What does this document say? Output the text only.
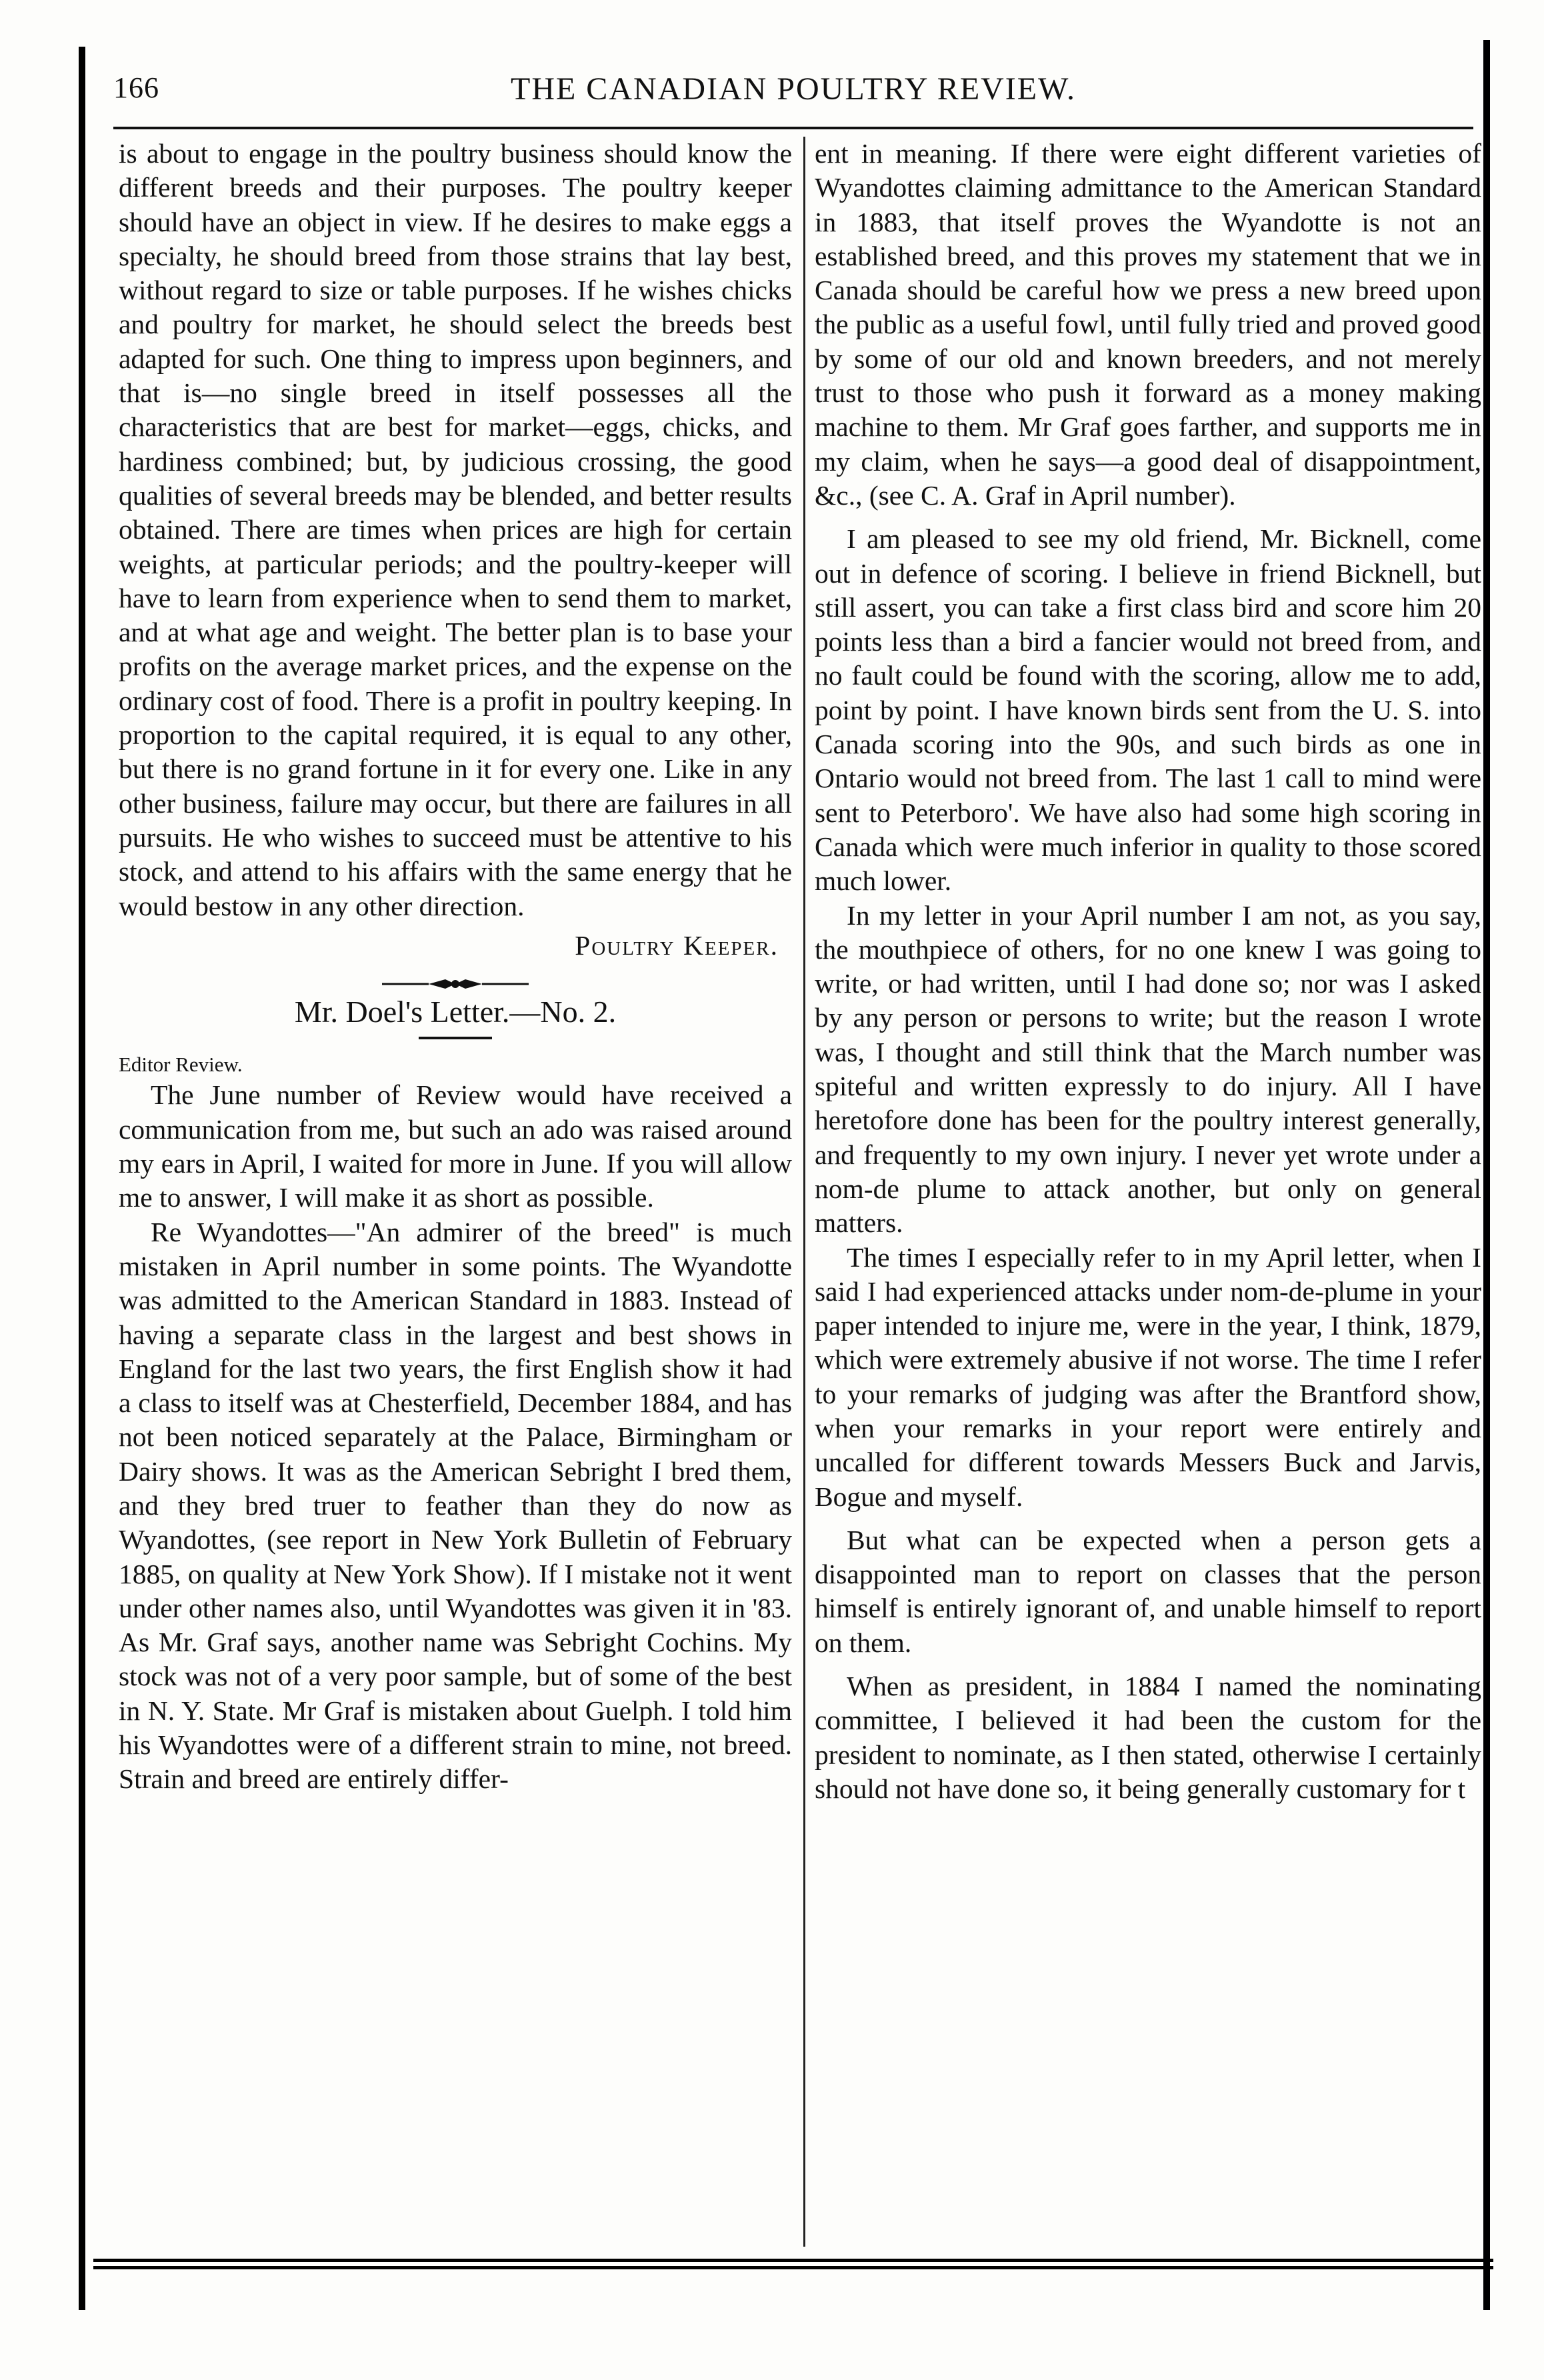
166	THE CANADIAN POULTRY REVIEW.

is about to engage in the poultry business should know the different breeds and their purposes. The poultry keeper should have an object in view. If he desires to make eggs a specialty, he should breed from those strains that lay best, without regard to size or table purposes. If he wishes chicks and poultry for market, he should select the breeds best adapted for such. One thing to impress upon beginners, and that is—no single breed in itself possesses all the characteristics that are best for market—eggs, chicks, and hardiness combined; but, by judicious crossing, the good qualities of several breeds may be blended, and better results obtained. There are times when prices are high for certain weights, at particular periods; and the poultry-keeper will have to learn from experience when to send them to market, and at what age and weight. The better plan is to base your profits on the average market prices, and the expense on the ordinary cost of food. There is a profit in poultry keeping. In proportion to the capital required, it is equal to any other, but there is no grand fortune in it for every one. Like in any other business, failure may occur, but there are failures in all pursuits. He who wishes to succeed must be attentive to his stock, and attend to his affairs with the same energy that he would bestow in any other direction.

Poultry Keeper.

Mr. Doel's Letter.—No. 2.

Editor Review.

The June number of Review would have received a communication from me, but such an ado was raised around my ears in April, I waited for more in June. If you will allow me to answer, I will make it as short as possible.

Re Wyandottes—"An admirer of the breed" is much mistaken in April number in some points. The Wyandotte was admitted to the American Standard in 1883. Instead of having a separate class in the largest and best shows in England for the last two years, the first English show it had a class to itself was at Chesterfield, December 1884, and has not been noticed separately at the Palace, Birmingham or Dairy shows. It was as the American Sebright I bred them, and they bred truer to feather than they do now as Wyandottes, (see report in New York Bulletin of February 1885, on quality at New York Show). If I mistake not it went under other names also, until Wyandottes was given it in '83. As Mr. Graf says, another name was Sebright Cochins. My stock was not of a very poor sample, but of some of the best in N. Y. State. Mr Graf is mistaken about Guelph. I told him his Wyandottes were of a different strain to mine, not breed. Strain and breed are entirely differ-

ent in meaning. If there were eight different varieties of Wyandottes claiming admittance to the American Standard in 1883, that itself proves the Wyandotte is not an established breed, and this proves my statement that we in Canada should be careful how we press a new breed upon the public as a useful fowl, until fully tried and proved good by some of our old and known breeders, and not merely trust to those who push it forward as a money making machine to them. Mr Graf goes farther, and supports me in my claim, when he says—a good deal of disappointment, &c., (see C. A. Graf in April number).

I am pleased to see my old friend, Mr. Bicknell, come out in defence of scoring. I believe in friend Bicknell, but still assert, you can take a first class bird and score him 20 points less than a bird a fancier would not breed from, and no fault could be found with the scoring, allow me to add, point by point. I have known birds sent from the U. S. into Canada scoring into the 90s, and such birds as one in Ontario would not breed from. The last 1 call to mind were sent to Peterboro'. We have also had some high scoring in Canada which were much inferior in quality to those scored much lower.

In my letter in your April number I am not, as you say, the mouthpiece of others, for no one knew I was going to write, or had written, until I had done so; nor was I asked by any person or persons to write; but the reason I wrote was, I thought and still think that the March number was spiteful and written expressly to do injury. All I have heretofore done has been for the poultry interest generally, and frequently to my own injury. I never yet wrote under a nom-de plume to attack another, but only on general matters.

The times I especially refer to in my April letter, when I said I had experienced attacks under nom-de-plume in your paper intended to injure me, were in the year, I think, 1879, which were extremely abusive if not worse. The time I refer to your remarks of judging was after the Brantford show, when your remarks in your report were entirely and uncalled for different towards Messers Buck and Jarvis, Bogue and myself.

But what can be expected when a person gets a disappointed man to report on classes that the person himself is entirely ignorant of, and unable himself to report on them.

When as president, in 1884 I named the nominating committee, I believed it had been the custom for the president to nominate, as I then stated, otherwise I certainly should not have done so, it being generally customary for t
